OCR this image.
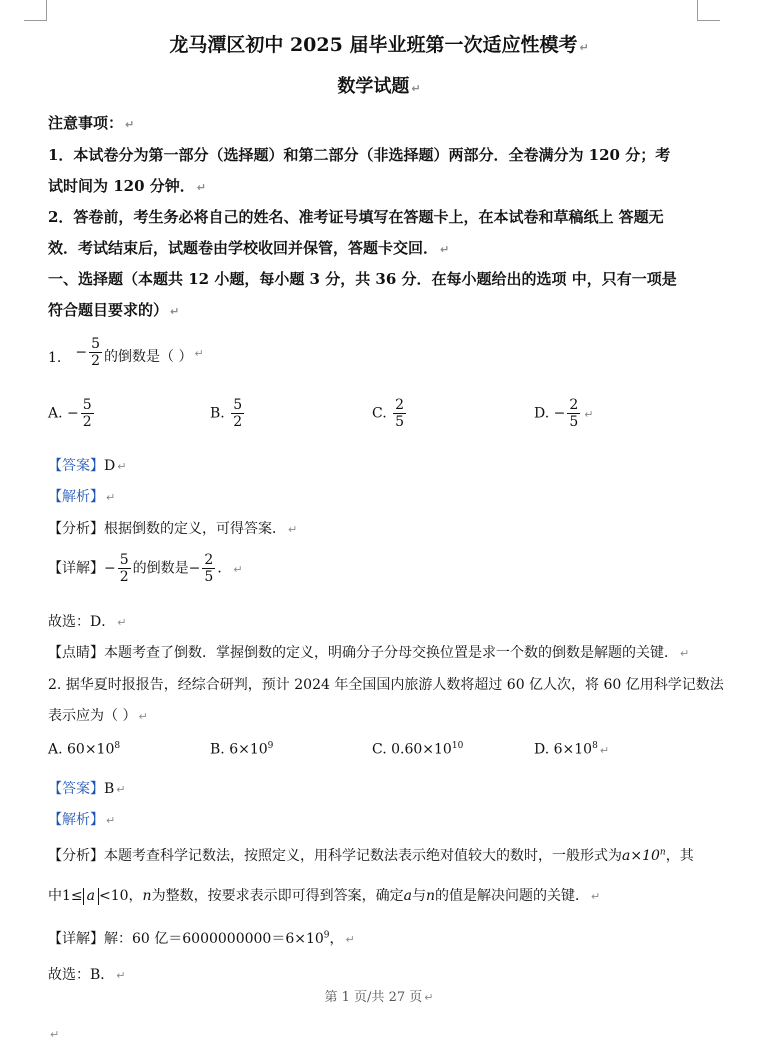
龙马潭区初中 2025 届毕业班第一次适应性模考 ↵
数学试题 ↵
注意事项： ↵
1．本试卷分为第一部分（选择题）和第二部分（非选择题）两部分．全卷满分为 120 分；考
试时间为 120 分钟． ↵
2．答卷前，考生务必将自己的姓名、准考证号填写在答题卡上，在本试卷和草稿纸上 答题无
效．考试结束后，试题卷由学校收回并保管，答题卡交回． ↵
一、选择题（本题共 12 小题，每小题 3 分，共 36 分．在每小题给出的选项 中，只有一项是
符合题目要求的） ↵
1. − $\frac{5}{2}$ 的倒数是（ ） ↵
A. − $\frac{5}{2}$	B. $\frac{5}{2}$	C. $\frac{2}{5}$	D. − $\frac{2}{5}$ ↵
【答案】D ↵
【解析】 ↵
【分析】根据倒数的定义，可得答案． ↵
【详解】− $\frac{5}{2}$ 的倒数是− $\frac{2}{5}$ ． ↵
故选：D． ↵
【点睛】本题考查了倒数．掌握倒数的定义，明确分子分母交换位置是求一个数的倒数是解题的关键． ↵
2. 据华夏时报报告，经综合研判，预计 2024 年全国国内旅游人数将超过 60 亿人次，将 60 亿用科学记数法
表示应为（ ） ↵
A. $60\times 10^8$	B. $6\times 10^9$	C. $0.60\times 10^{10}$	D. $6\times 10^8$ ↵
【答案】B ↵
【解析】 ↵
【分析】本题考查科学记数法，按照定义，用科学记数法表示绝对值较大的数时，一般形式为$a\times 10^n$，其
中1≤ a <10，n为整数，按要求表示即可得到答案，确定a与n的值是解决问题的关键． ↵
【详解】解：60 亿$=6000000000=6\times 10^9$， ↵
故选：B． ↵
第 1 页/共 27 页 ↵
↵
